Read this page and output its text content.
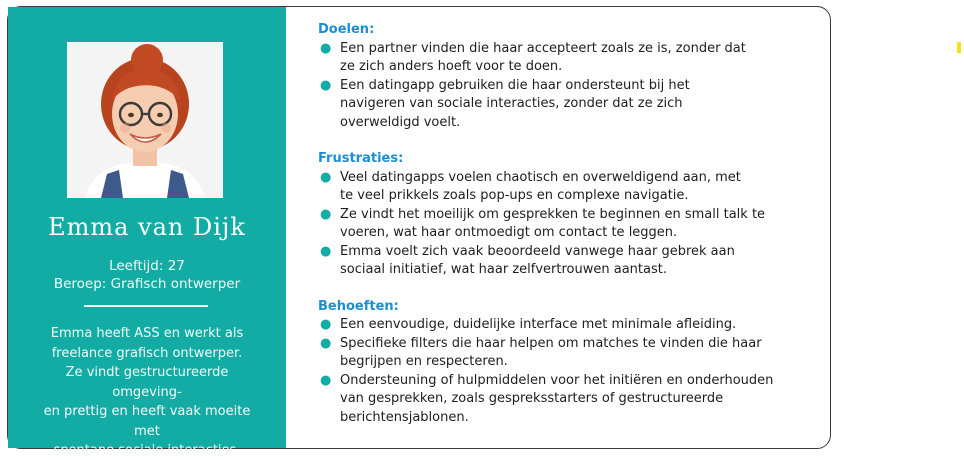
Emma van Dijk
Leeftijd: 27
Beroep: Grafisch ontwerper
Emma heeft ASS en werkt als
freelance grafisch ontwerper.
Ze vindt gestructureerde omgeving-
en prettig en heeft vaak moeite met
spontane sociale interacties.
Doelen:
● Een partner vinden die haar accepteert zoals ze is, zonder dat
ze zich anders hoeft voor te doen.
● Een datingapp gebruiken die haar ondersteunt bij het
navigeren van sociale interacties, zonder dat ze zich
overweldigd voelt.
Frustraties:
● Veel datingapps voelen chaotisch en overweldigend aan, met
te veel prikkels zoals pop-ups en complexe navigatie.
● Ze vindt het moeilijk om gesprekken te beginnen en small talk te
voeren, wat haar ontmoedigt om contact te leggen.
● Emma voelt zich vaak beoordeeld vanwege haar gebrek aan
sociaal initiatief, wat haar zelfvertrouwen aantast.
Behoeften:
● Een eenvoudige, duidelijke interface met minimale afleiding.
● Specifieke filters die haar helpen om matches te vinden die haar
begrijpen en respecteren.
● Ondersteuning of hulpmiddelen voor het initiëren en onderhouden
van gesprekken, zoals gespreksstarters of gestructureerde
berichtensjablonen.
